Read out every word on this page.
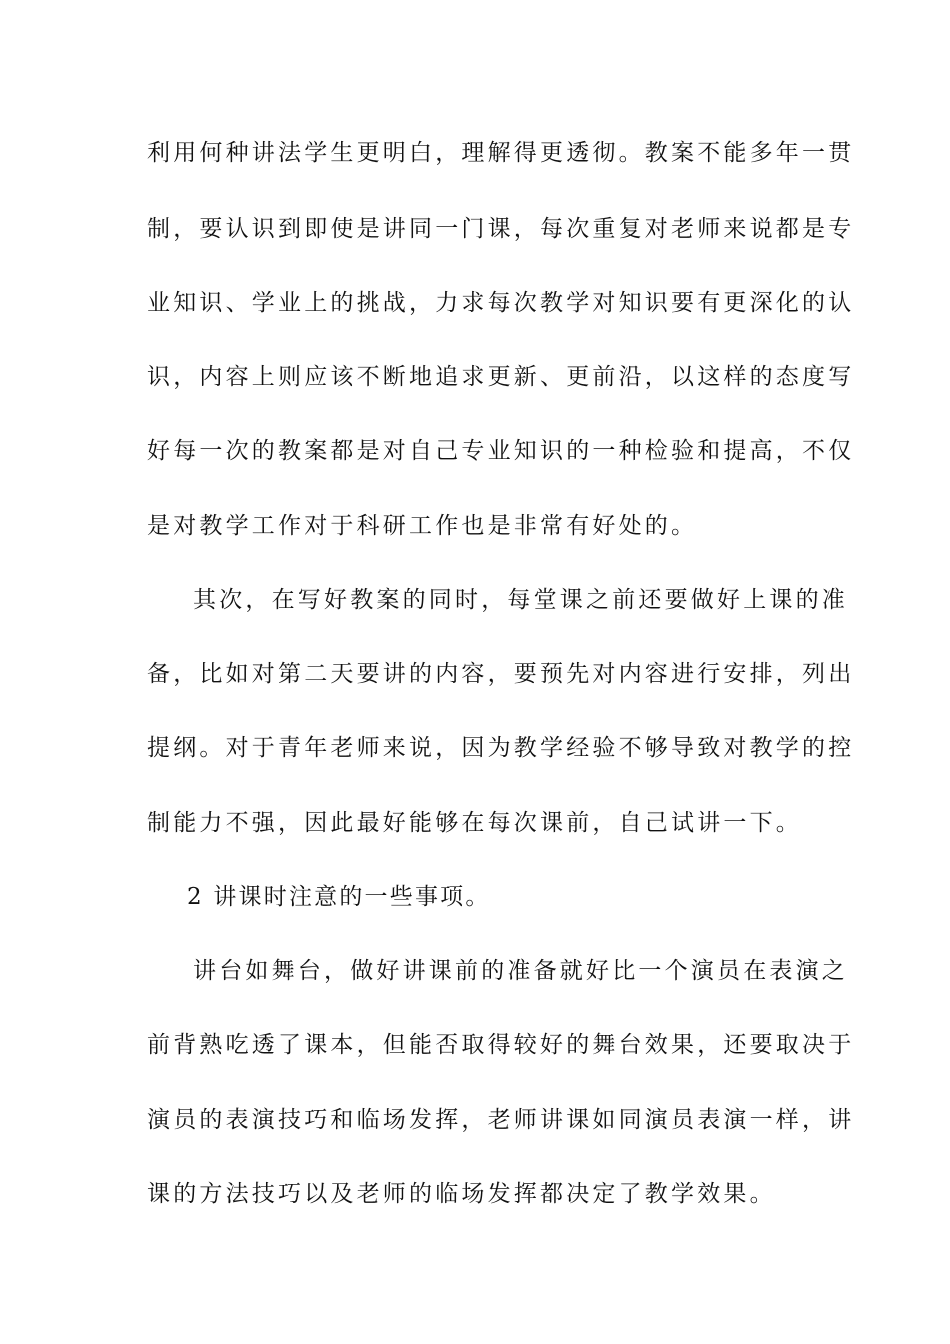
利用何种讲法学生更明白，理解得更透彻。教案不能多年一贯
制，要认识到即使是讲同一门课，每次重复对老师来说都是专
业知识、学业上的挑战，力求每次教学对知识要有更深化的认
识，内容上则应该不断地追求更新、更前沿，以这样的态度写
好每一次的教案都是对自己专业知识的一种检验和提高，不仅
是对教学工作对于科研工作也是非常有好处的。
其次，在写好教案的同时，每堂课之前还要做好上课的准
备，比如对第二天要讲的内容，要预先对内容进行安排，列出
提纲。对于青年老师来说，因为教学经验不够导致对教学的控
制能力不强，因此最好能够在每次课前，自己试讲一下。
2 讲课时注意的一些事项。
讲台如舞台，做好讲课前的准备就好比一个演员在表演之
前背熟吃透了课本，但能否取得较好的舞台效果，还要取决于
演员的表演技巧和临场发挥，老师讲课如同演员表演一样，讲
课的方法技巧以及老师的临场发挥都决定了教学效果。
